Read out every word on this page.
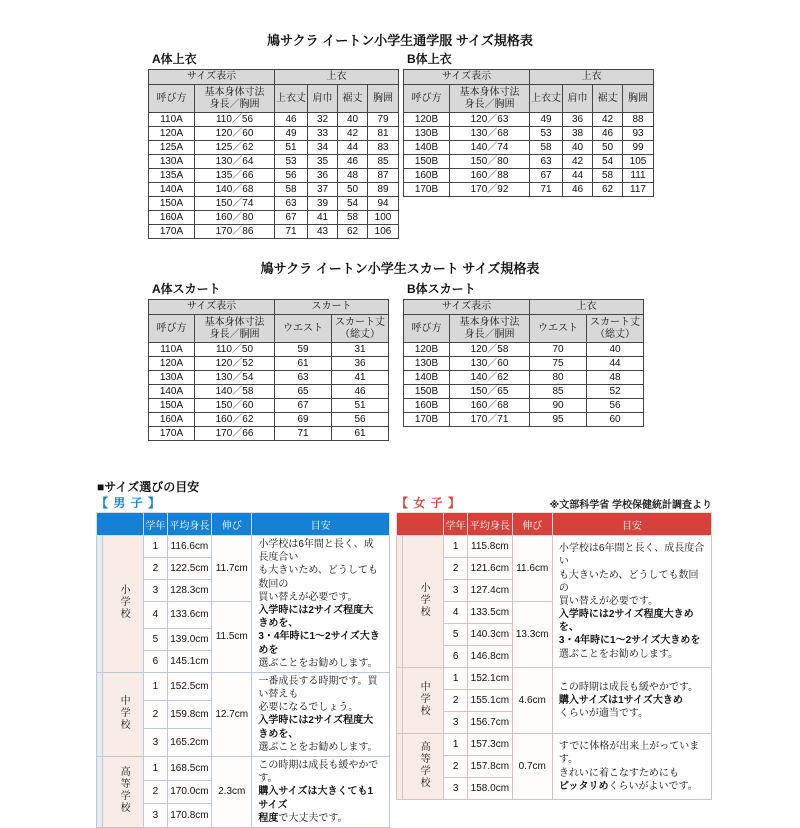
鳩サクラ イートン小学生通学服 サイズ規格表
A体上衣
サイズ表示		上衣			
呼び方	基本身体寸法
身長／胸囲	上衣丈	肩巾	裾丈	胸囲
110A	110／56	46	32	40	79
120A	120／60	49	33	42	81
125A	125／62	51	34	44	83
130A	130／64	53	35	46	85
135A	135／66	56	36	48	87
140A	140／68	58	37	50	89
150A	150／74	63	39	54	94
160A	160／80	67	41	58	100
170A	170／86	71	43	62	106
B体上衣
サイズ表示		上衣			
呼び方	基本身体寸法
身長／胸囲	上衣丈	肩巾	裾丈	胸囲
120B	120／63	49	36	42	88
130B	130／68	53	38	46	93
140B	140／74	58	40	50	99
150B	150／80	63	42	54	105
160B	160／88	67	44	58	111
170B	170／92	71	46	62	117
鳩サクラ イートン小学生スカート サイズ規格表
A体スカート
サイズ表示		スカート	
呼び方	基本身体寸法
身長／胴囲	ウエスト	スカート丈
（総丈）
110A	110／50	59	31
120A	120／52	61	36
130A	130／54	63	41
140A	140／58	65	46
150A	150／60	67	51
160A	160／62	69	56
170A	170／66	71	61
B体スカート
サイズ表示		上衣	
呼び方	基本身体寸法
身長／胴囲	ウエスト	スカート丈
（総丈）
120B	120／58	70	40
130B	130／60	75	44
140B	140／62	80	48
150B	150／65	85	52
160B	160／68	90	56
170B	170／71	95	60
■サイズ選びの目安
【 男 子 】
		学年	平均身長	伸び	目安
	小学校	1	116.6cm	11.7cm	小学校は6年間と長く、成長度合い
も大きいため、どうしても数回の
買い替えが必要です。
入学時には2サイズ程度大きめを、
3・4年時に1～2サイズ大きめを
選ぶことをお勧めします。
		2	122.5cm		
		3	128.3cm		
		4	133.6cm	11.5cm	
		5	139.0cm		
		6	145.1cm		
	中学校	1	152.5cm	12.7cm	一番成長する時期です。買い替えも
必要になるでしょう。
入学時には2サイズ程度大きめを、
選ぶことをお勧めします。
		2	159.8cm		
		3	165.2cm		
	高等学校	1	168.5cm	2.3cm	この時期は成長も緩やかです。
購入サイズは大きくても1サイズ
程度で大丈夫です。
		2	170.0cm		
		3	170.8cm		
【 女 子 】	※文部科学省 学校保健統計調査より
		学年	平均身長	伸び	目安
	小学校	1	115.8cm	11.6cm	小学校は6年間と長く、成長度合い
も大きいため、どうしても数回の
買い替えが必要です。
入学時には2サイズ程度大きめを、
3・4年時に1～2サイズ大きめを
選ぶことをお勧めします。
		2	121.6cm		
		3	127.4cm		
		4	133.5cm	13.3cm	
		5	140.3cm		
		6	146.8cm		
	中学校	1	152.1cm	4.6cm	この時期は成長も緩やかです。
購入サイズは1サイズ大きめ
くらいが適当です。
		2	155.1cm		
		3	156.7cm		
	高等学校	1	157.3cm	0.7cm	すでに体格が出来上がっています。
きれいに着こなすためにも
ピッタリめくらいがよいです。
		2	157.8cm		
		3	158.0cm		
